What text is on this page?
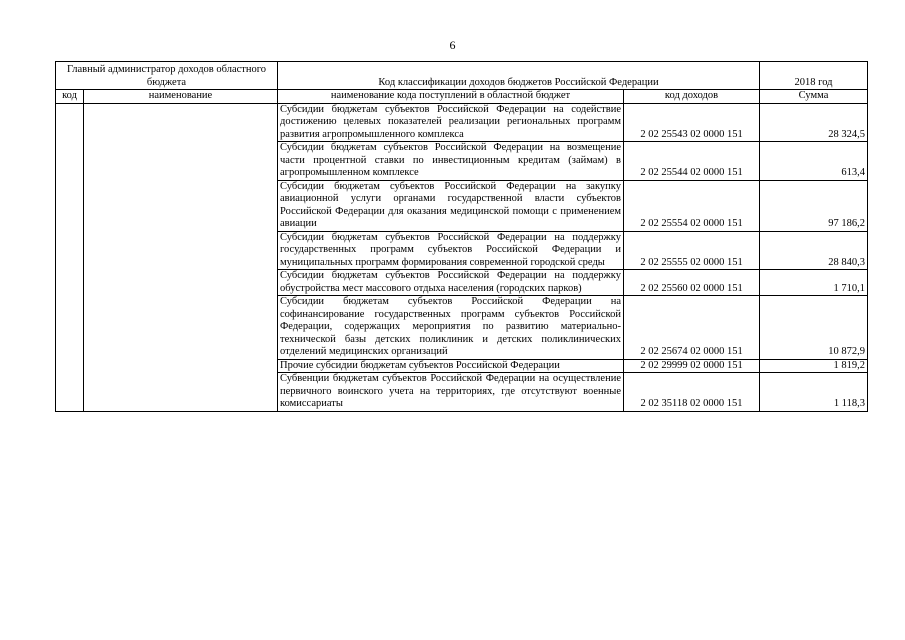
6
Главный администратор доходов областного бюджета		Код классификации доходов бюджетов Российской Федерации		2018 год
код	наименование	наименование кода поступлений в областной бюджет	код доходов	Сумма
		Субсидии бюджетам субъектов Российской Федерации на содействие достижению целевых показателей реализации региональных программ развития агропромышленного комплекса	2 02 25543 02 0000 151	28 324,5
		Субсидии бюджетам субъектов Российской Федерации на возмещение части процентной ставки по инвестиционным кредитам (займам) в агропромышленном комплексе	2 02 25544 02 0000 151	613,4
		Субсидии бюджетам субъектов Российской Федерации на закупку авиационной услуги органами государственной власти субъектов Российской Федерации для оказания медицинской помощи с применением авиации	2 02 25554 02 0000 151	97 186,2
		Субсидии бюджетам субъектов Российской Федерации на поддержку государственных программ субъектов Российской Федерации и муниципальных программ формирования современной городской среды	2 02 25555 02 0000 151	28 840,3
		Субсидии бюджетам субъектов Российской Федерации на поддержку обустройства мест массового отдыха населения (городских парков)	2 02 25560 02 0000 151	1 710,1
		Субсидии бюджетам субъектов Российской Федерации на софинансирование государственных программ субъектов Российской Федерации, содержащих мероприятия по развитию материально-технической базы детских поликлиник и детских поликлинических отделений медицинских организаций	2 02 25674 02 0000 151	10 872,9
		Прочие субсидии бюджетам субъектов Российской Федерации	2 02 29999 02 0000 151	1 819,2
		Субвенции бюджетам субъектов Российской Федерации на осуществление первичного воинского учета на территориях, где отсутствуют военные комиссариаты	2 02 35118 02 0000 151	1 118,3
